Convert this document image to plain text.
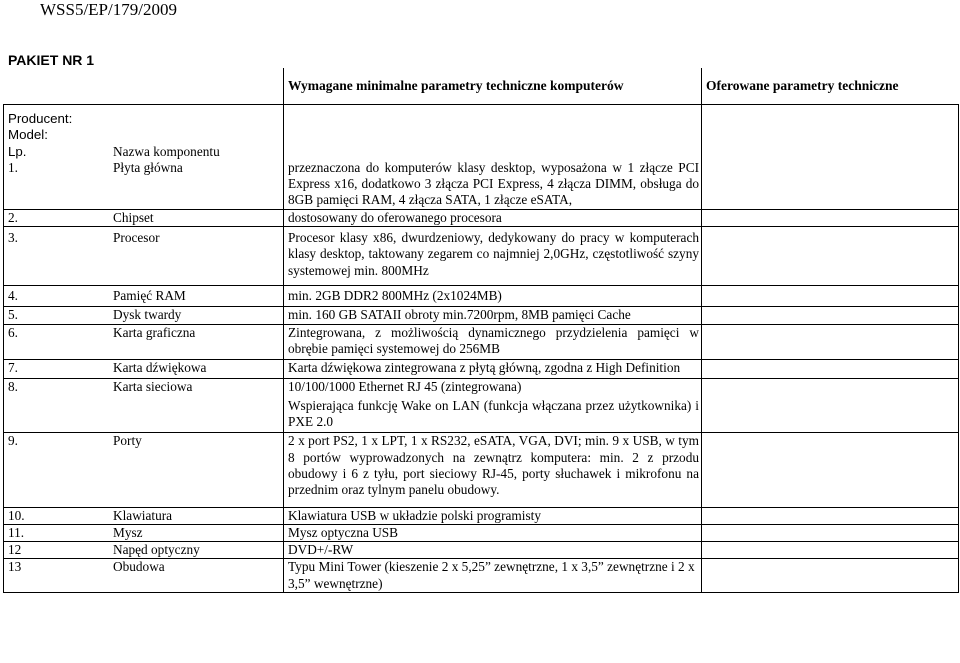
WSS5/EP/179/2009
PAKIET NR 1
	Wymagane minimalne parametry techniczne komputerów	Oferowane parametry techniczne
Producent:		
Model:		
Lp. Nazwa komponentu		
1. Płyta główna	przeznaczona do komputerów klasy desktop, wyposażona w 1 złącze PCI Express x16, dodatkowo 3 złącza PCI Express, 4 złącza DIMM, obsługa do 8GB pamięci RAM, 4 złącza SATA, 1 złącze eSATA,	
2. Chipset	dostosowany do oferowanego procesora	
3. Procesor	Procesor klasy x86, dwurdzeniowy, dedykowany do pracy w komputerach klasy desktop, taktowany zegarem co najmniej 2,0GHz, częstotliwość szyny systemowej min. 800MHz	
4. Pamięć RAM	min. 2GB DDR2 800MHz (2x1024MB)	
5. Dysk twardy	min. 160 GB SATAII obroty min.7200rpm, 8MB pamięci Cache	
6. Karta graficzna	Zintegrowana, z możliwością dynamicznego przydzielenia pamięci w obrębie pamięci systemowej do 256MB	
7. Karta dźwiękowa	Karta dźwiękowa zintegrowana z płytą główną, zgodna z High Definition	
8. Karta sieciowa	10/100/1000 Ethernet RJ 45 (zintegrowana)
Wspierająca funkcję Wake on LAN (funkcja włączana przez użytkownika) i PXE 2.0	

9. Porty	2 x port PS2, 1 x LPT, 1 x RS232, eSATA, VGA, DVI; min. 9 x USB, w tym 8 portów wyprowadzonych na zewnątrz komputera: min. 2 z przodu obudowy i 6 z tyłu, port sieciowy RJ-45, porty słuchawek i mikrofonu na przednim oraz tylnym panelu obudowy.	
10. Klawiatura	Klawiatura USB w układzie polski programisty	
11. Mysz	Mysz optyczna USB	
12 Napęd optyczny	DVD+/-RW	
13 Obudowa	Typu Mini Tower (kieszenie 2 x 5,25” zewnętrzne, 1 x 3,5” zewnętrzne i 2 x 3,5” wewnętrzne)	
